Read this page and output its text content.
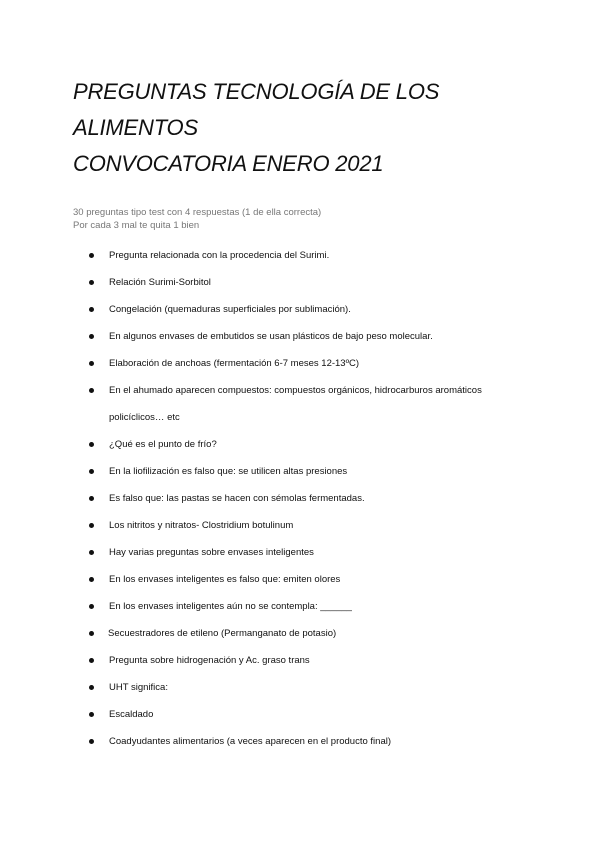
PREGUNTAS TECNOLOGÍA DE LOS
ALIMENTOS
CONVOCATORIA ENERO 2021
30 preguntas tipo test con 4 respuestas (1 de ella correcta)
Por cada 3 mal te quita 1 bien
Pregunta relacionada con la procedencia del Surimi.
Relación Surimi-Sorbitol
Congelación (quemaduras superficiales por sublimación).
En algunos envases de embutidos se usan plásticos de bajo peso molecular.
Elaboración de anchoas (fermentación 6-7 meses 12-13ºC)
En el ahumado aparecen compuestos: compuestos orgánicos, hidrocarburos aromáticos
policíclicos… etc
¿Qué es el punto de frío?
En la liofilización es falso que: se utilicen altas presiones
Es falso que: las pastas se hacen con sémolas fermentadas.
Los nitritos y nitratos- Clostridium botulinum
Hay varias preguntas sobre envases inteligentes
En los envases inteligentes es falso que: emiten olores
En los envases inteligentes aún no se contempla: ______
Secuestradores de etileno (Permanganato de potasio)
Pregunta sobre hidrogenación y Ac. graso trans
UHT significa:
Escaldado
Coadyudantes alimentarios (a veces aparecen en el producto final)
